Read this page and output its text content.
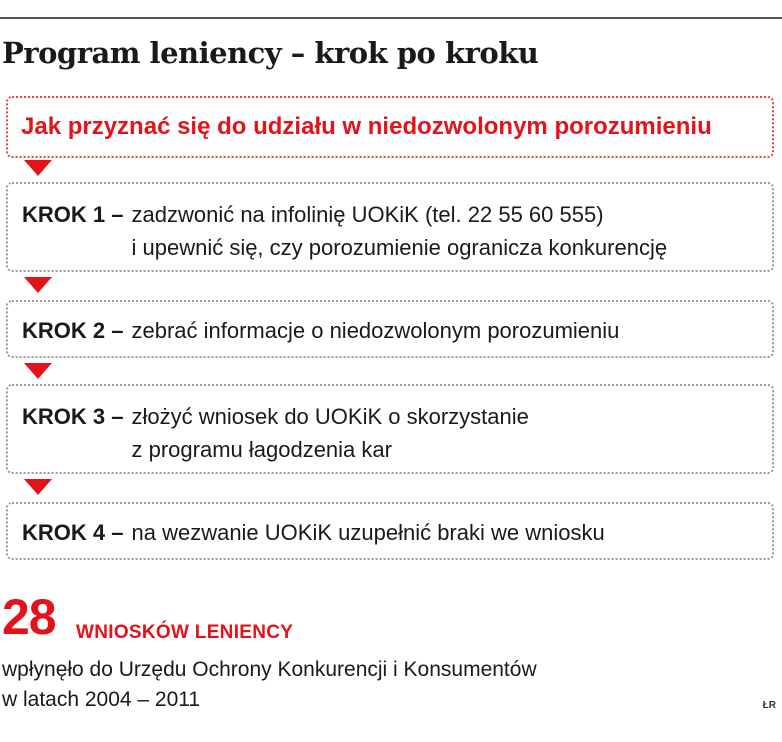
Program leniency – krok po kroku
Jak przyznać się do udziału w niedozwolonym porozumieniu
KROK 1 – zadzwonić na infolinię UOKiK (tel. 22 55 60 555)
i upewnić się, czy porozumienie ogranicza konkurencję
KROK 2 – zebrać informacje o niedozwolonym porozumieniu
KROK 3 – złożyć wniosek do UOKiK o skorzystanie
z programu łagodzenia kar
KROK 4 – na wezwanie UOKiK uzupełnić braki we wniosku
28 WNIOSKÓW LENIENCY
wpłynęło do Urzędu Ochrony Konkurencji i Konsumentów
w latach 2004 – 2011	ŁR
